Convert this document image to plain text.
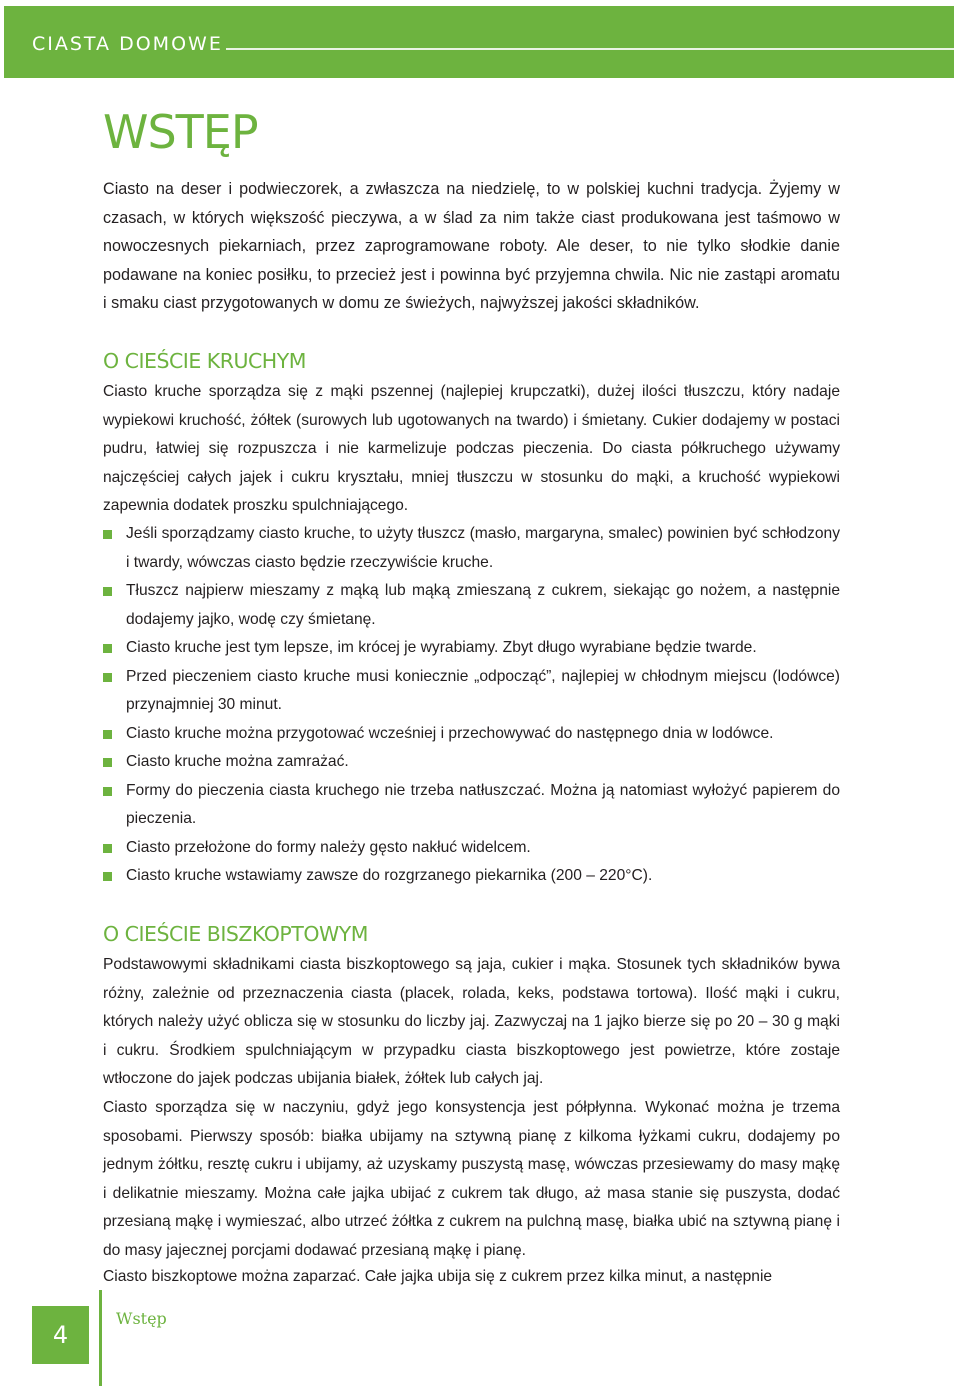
CIASTA DOMOWE
WSTĘP

Ciasto na deser i podwieczorek, a zwłaszcza na niedzielę, to w polskiej kuchni tradycja. Żyjemy w czasach, w których większość pieczywa, a w ślad za nim także ciast produkowana jest taśmowo w nowoczesnych piekarniach, przez zaprogramowane roboty. Ale deser, to nie tylko słodkie danie podawane na koniec posiłku, to przecież jest i powinna być przyjemna chwila. Nic nie zastąpi aromatu i smaku ciast przygotowanych w domu ze świeżych, najwyższej jakości składników.

O CIEŚCIE KRUCHYM

Ciasto kruche sporządza się z mąki pszennej (najlepiej krupczatki), dużej ilości tłuszczu, który nadaje wypiekowi kruchość, żółtek (surowych lub ugotowanych na twardo) i śmietany. Cukier dodajemy w postaci pudru, łatwiej się rozpuszcza i nie karmelizuje podczas pieczenia. Do ciasta półkruchego używamy najczęściej całych jajek i cukru kryształu, mniej tłuszczu w stosunku do mąki, a kruchość wypiekowi zapewnia dodatek proszku spulchniającego.

Jeśli sporządzamy ciasto kruche, to użyty tłuszcz (masło, margaryna, smalec) powinien być schłodzony i twardy, wówczas ciasto będzie rzeczywiście kruche.
Tłuszcz najpierw mieszamy z mąką lub mąką zmieszaną z cukrem, siekając go nożem, a następnie dodajemy jajko, wodę czy śmietanę.
Ciasto kruche jest tym lepsze, im krócej je wyrabiamy. Zbyt długo wyrabiane będzie twarde.
Przed pieczeniem ciasto kruche musi koniecznie „odpocząć”, najlepiej w chłodnym miejscu (lodówce) przynajmniej 30 minut.
Ciasto kruche można przygotować wcześniej i przechowywać do następnego dnia w lodówce.
Ciasto kruche można zamrażać.
Formy do pieczenia ciasta kruchego nie trzeba natłuszczać. Można ją natomiast wyłożyć papierem do pieczenia.
Ciasto przełożone do formy należy gęsto nakłuć widelcem.
Ciasto kruche wstawiamy zawsze do rozgrzanego piekarnika (200 – 220°C).
O CIEŚCIE BISZKOPTOWYM

Podstawowymi składnikami ciasta biszkoptowego są jaja, cukier i mąka. Stosunek tych składników bywa różny, zależnie od przeznaczenia ciasta (placek, rolada, keks, podstawa tortowa). Ilość mąki i cukru, których należy użyć oblicza się w stosunku do liczby jaj. Zazwyczaj na 1 jajko bierze się po 20 – 30 g mąki i cukru. Środkiem spulchniającym w przypadku ciasta biszkoptowego jest powietrze, które zostaje wtłoczone do jajek podczas ubijania białek, żółtek lub całych jaj.

Ciasto sporządza się w naczyniu, gdyż jego konsystencja jest półpłynna. Wykonać można je trzema sposobami. Pierwszy sposób: białka ubijamy na sztywną pianę z kilkoma łyżkami cukru, dodajemy po jednym żółtku, resztę cukru i ubijamy, aż uzyskamy puszystą masę, wówczas przesiewamy do masy mąkę i delikatnie mieszamy. Można całe jajka ubijać z cukrem tak długo, aż masa stanie się puszysta, dodać przesianą mąkę i wymieszać, albo utrzeć żółtka z cukrem na pulchną masę, białka ubić na sztywną pianę i do masy jajecznej porcjami dodawać przesianą mąkę i pianę.

Ciasto biszkoptowe można zaparzać. Całe jajka ubija się z cukrem przez kilka minut, a następnie

4
Wstęp
